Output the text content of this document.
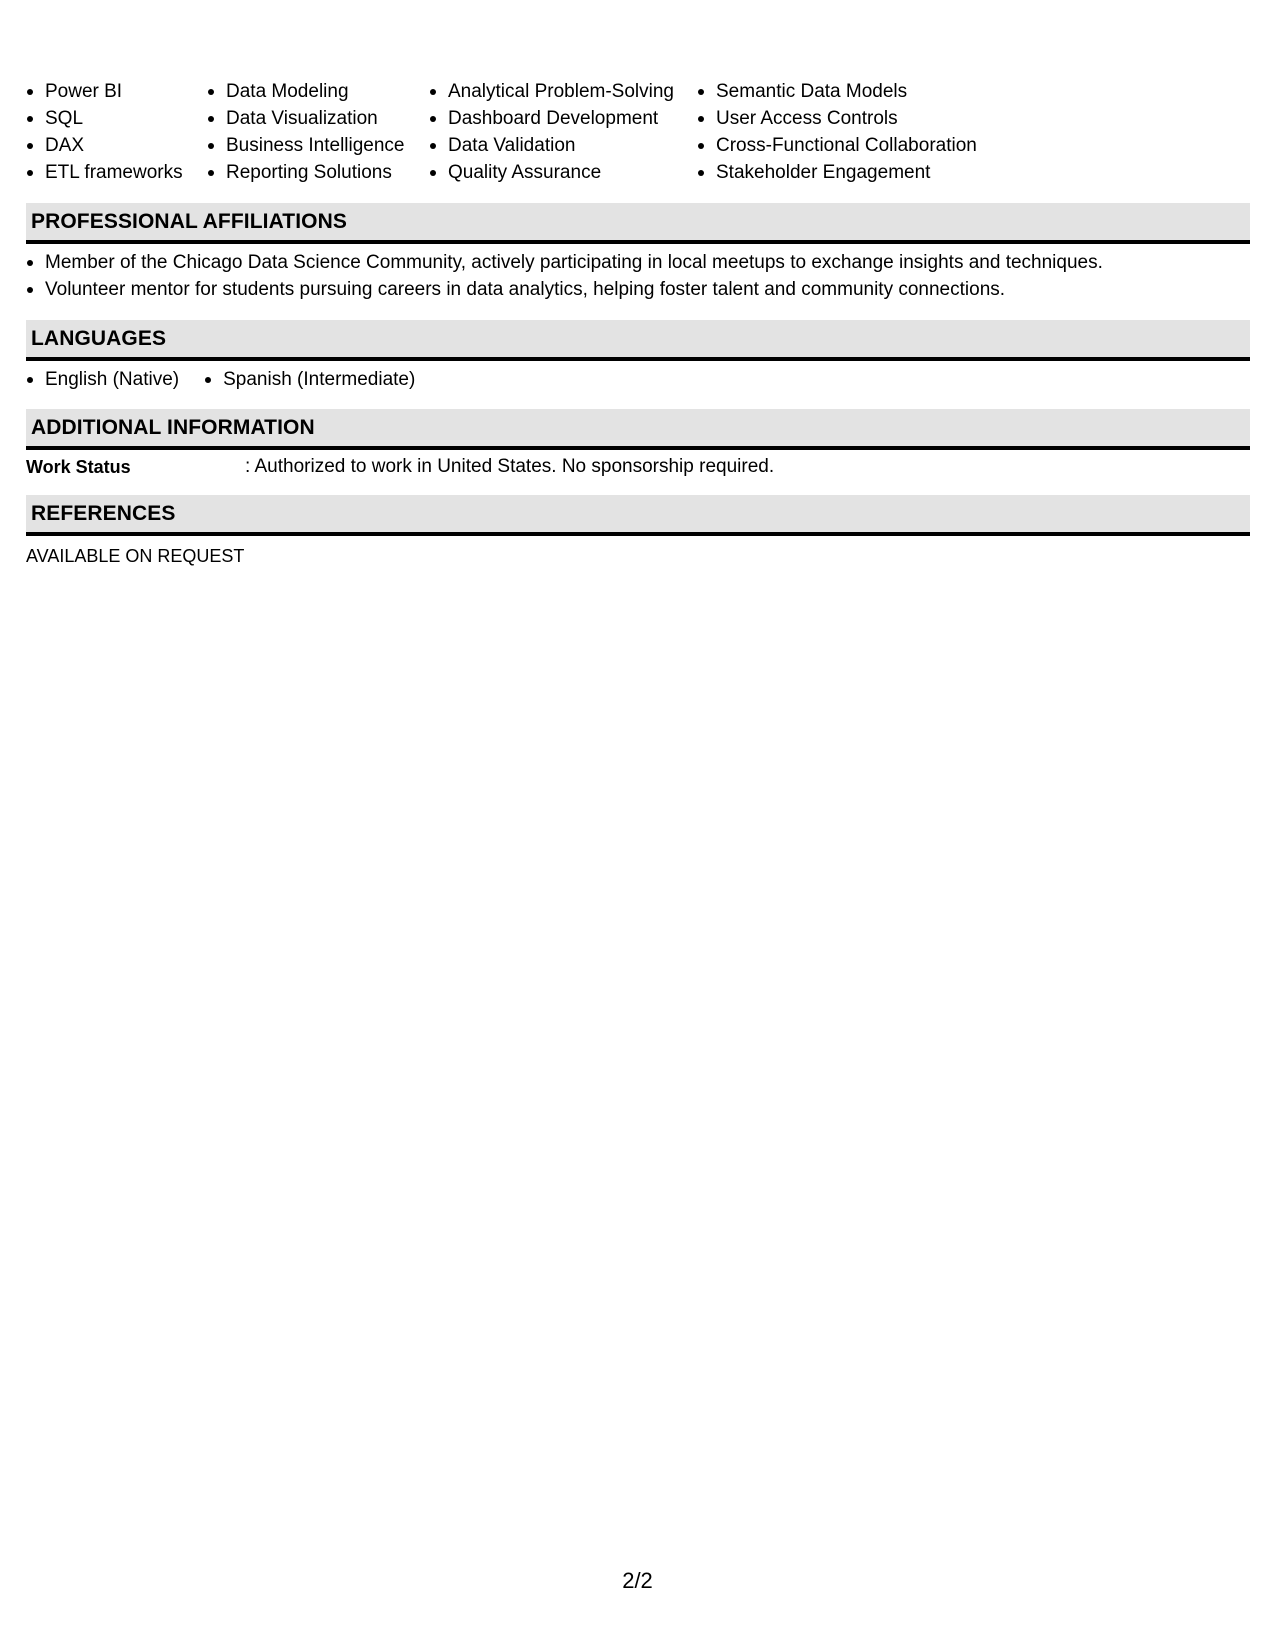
Power BI
SQL
DAX
ETL frameworks
Data Modeling
Data Visualization
Business Intelligence
Reporting Solutions
Analytical Problem-Solving
Dashboard Development
Data Validation
Quality Assurance
Semantic Data Models
User Access Controls
Cross-Functional Collaboration
Stakeholder Engagement
PROFESSIONAL AFFILIATIONS
Member of the Chicago Data Science Community, actively participating in local meetups to exchange insights and techniques.
Volunteer mentor for students pursuing careers in data analytics, helping foster talent and community connections.
LANGUAGES
English (Native)	Spanish (Intermediate)
ADDITIONAL INFORMATION
Work Status	: Authorized to work in United States. No sponsorship required.
REFERENCES
AVAILABLE ON REQUEST
2/2
